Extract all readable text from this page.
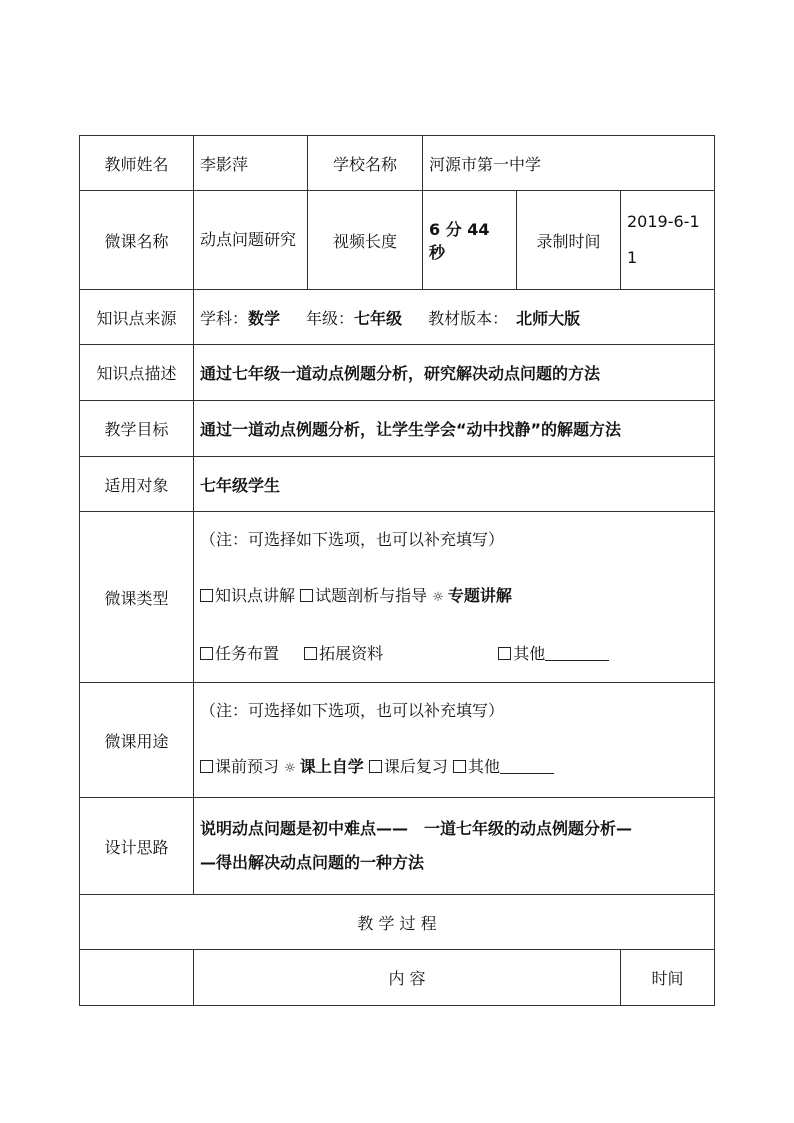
教师姓名	李影萍	学校名称	河源市第一中学		
微课名称	动点问题研究	视频长度	6 分 44 秒	录制时间	2019-6-11
知识点来源	学科：数学 年级：七年级 教材版本： 北师大版				
知识点描述	通过七年级一道动点例题分析，研究解决动点问题的方法				
教学目标	通过一道动点例题分析，让学生学会“动中找静”的解题方法				
适用对象	七年级学生				
微课类型	（注：可选择如下选项，也可以补充填写）

知识点讲解 试题剖析与指导 ☼ 专题讲解

任务布置 拓展资料 其他				

微课用途	（注：可选择如下选项，也可以补充填写）

课前预习 ☼ 课上自学 课后复习 其他				

设计思路	说明动点问题是初中难点——　一道七年级的动点例题分析—
—得出解决动点问题的一种方法				

教 学 过 程					
	内 容				时间
